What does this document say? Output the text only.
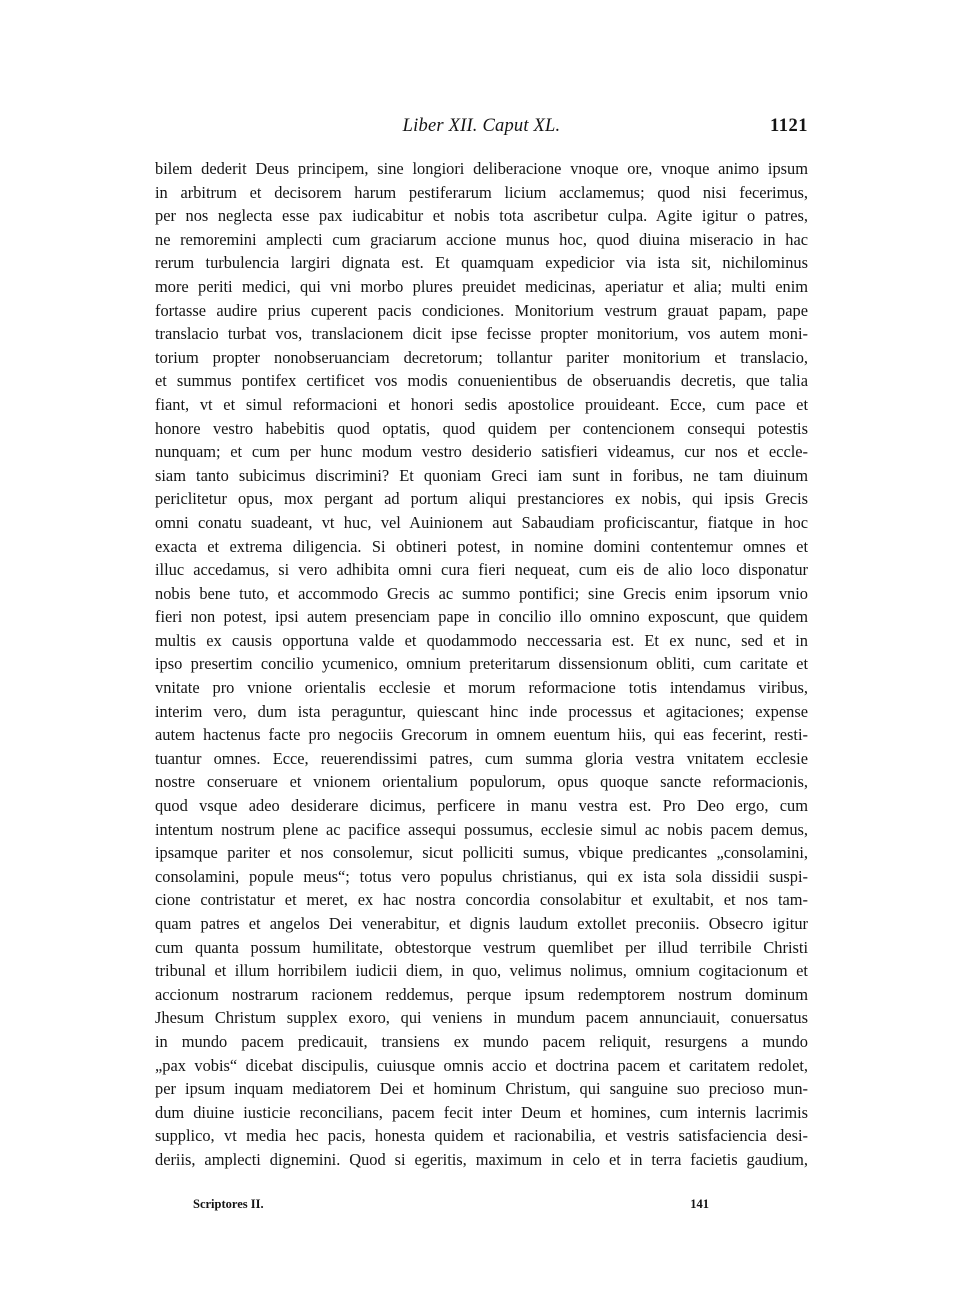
Liber XII. Caput XL.	1121
bilem dederit Deus principem, sine longiori deliberacione vnoque ore, vnoque animo ipsum
in arbitrum et decisorem harum pestiferarum licium acclamemus; quod nisi fecerimus,
per nos neglecta esse pax iudicabitur et nobis tota ascribetur culpa. Agite igitur o patres,
ne remoremini amplecti cum graciarum accione munus hoc, quod diuina miseracio in hac
rerum turbulencia largiri dignata est. Et quamquam expedicior via ista sit, nichilominus
more periti medici, qui vni morbo plures preuidet medicinas, aperiatur et alia; multi enim
fortasse audire prius cuperent pacis condiciones. Monitorium vestrum grauat papam, pape
translacio turbat vos, translacionem dicit ipse fecisse propter monitorium, vos autem moni-
torium propter nonobseruanciam decretorum; tollantur pariter monitorium et translacio,
et summus pontifex certificet vos modis conuenientibus de obseruandis decretis, que talia
fiant, vt et simul reformacioni et honori sedis apostolice prouideant. Ecce, cum pace et
honore vestro habebitis quod optatis, quod quidem per contencionem consequi potestis
nunquam; et cum per hunc modum vestro desiderio satisfieri videamus, cur nos et eccle-
siam tanto subicimus discrimini? Et quoniam Greci iam sunt in foribus, ne tam diuinum
periclitetur opus, mox pergant ad portum aliqui prestanciores ex nobis, qui ipsis Grecis
omni conatu suadeant, vt huc, vel Auinionem aut Sabaudiam proficiscantur, fiatque in hoc
exacta et extrema diligencia. Si obtineri potest, in nomine domini contentemur omnes et
illuc accedamus, si vero adhibita omni cura fieri nequeat, cum eis de alio loco disponatur
nobis bene tuto, et accommodo Grecis ac summo pontifici; sine Grecis enim ipsorum vnio
fieri non potest, ipsi autem presenciam pape in concilio illo omnino exposcunt, que quidem
multis ex causis opportuna valde et quodammodo neccessaria est. Et ex nunc, sed et in
ipso presertim concilio ycumenico, omnium preteritarum dissensionum obliti, cum caritate et
vnitate pro vnione orientalis ecclesie et morum reformacione totis intendamus viribus,
interim vero, dum ista peraguntur, quiescant hinc inde processus et agitaciones; expense
autem hactenus facte pro negociis Grecorum in omnem euentum hiis, qui eas fecerint, resti-
tuantur omnes. Ecce, reuerendissimi patres, cum summa gloria vestra vnitatem ecclesie
nostre conseruare et vnionem orientalium populorum, opus quoque sancte reformacionis,
quod vsque adeo desiderare dicimus, perficere in manu vestra est. Pro Deo ergo, cum
intentum nostrum plene ac pacifice assequi possumus, ecclesie simul ac nobis pacem demus,
ipsamque pariter et nos consolemur, sicut polliciti sumus, vbique predicantes „consolamini,
consolamini, popule meus“; totus vero populus christianus, qui ex ista sola dissidii suspi-
cione contristatur et meret, ex hac nostra concordia consolabitur et exultabit, et nos tam-
quam patres et angelos Dei venerabitur, et dignis laudum extollet preconiis. Obsecro igitur
cum quanta possum humilitate, obtestorque vestrum quemlibet per illud terribile Christi
tribunal et illum horribilem iudicii diem, in quo, velimus nolimus, omnium cogitacionum et
accionum nostrarum racionem reddemus, perque ipsum redemptorem nostrum dominum
Jhesum Christum supplex exoro, qui veniens in mundum pacem annunciauit, conuersatus
in mundo pacem predicauit, transiens ex mundo pacem reliquit, resurgens a mundo
„pax vobis“ dicebat discipulis, cuiusque omnis accio et doctrina pacem et caritatem redolet,
per ipsum inquam mediatorem Dei et hominum Christum, qui sanguine suo precioso mun-
dum diuine iusticie reconcilians, pacem fecit inter Deum et homines, cum internis lacrimis
supplico, vt media hec pacis, honesta quidem et racionabilia, et vestris satisfaciencia desi-
deriis, amplecti dignemini. Quod si egeritis, maximum in celo et in terra facietis gaudium,
Scriptores II.	141
